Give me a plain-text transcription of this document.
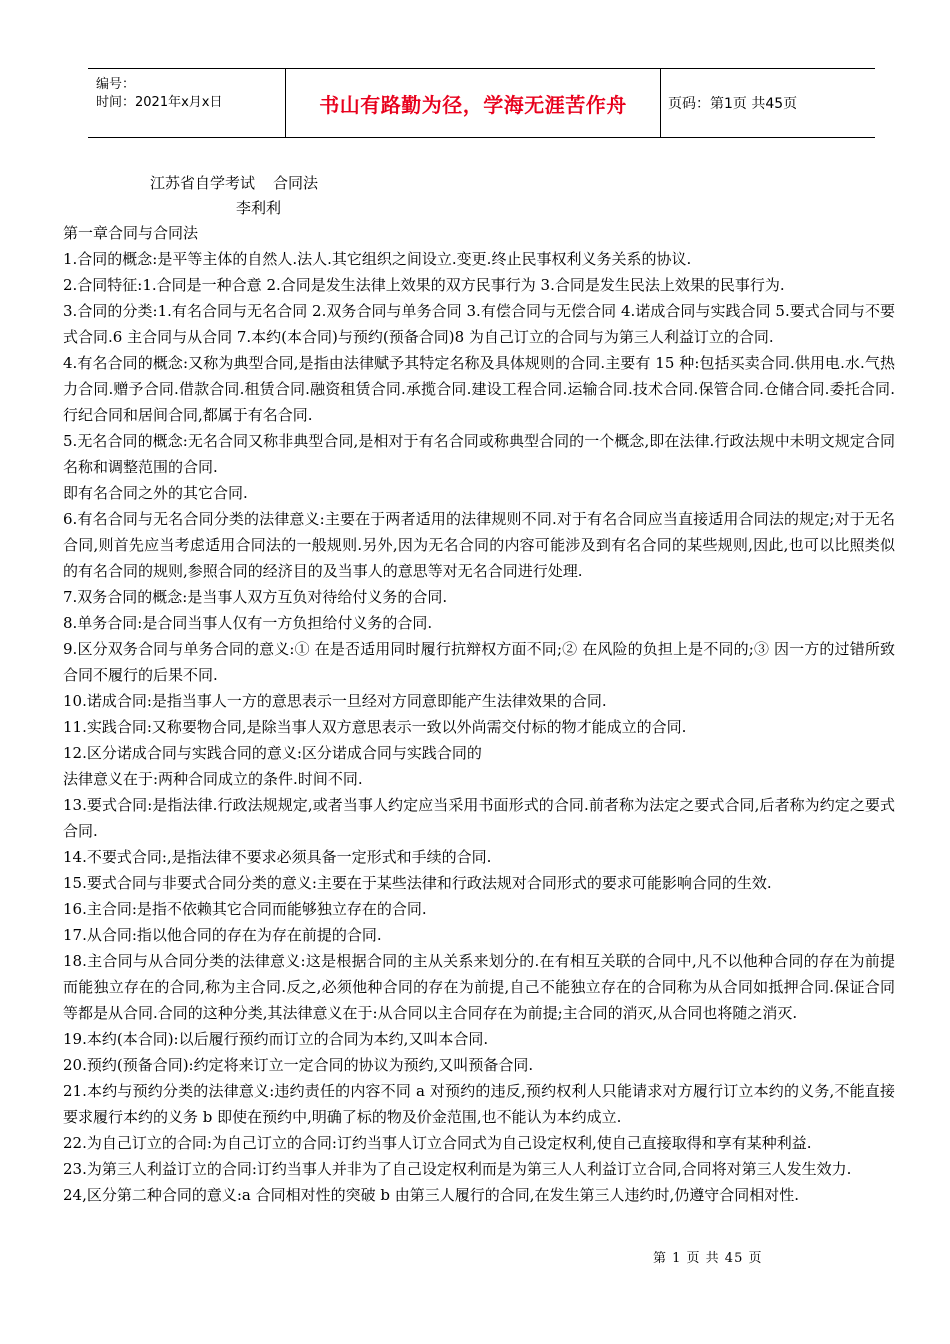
编号：
时间：2021年x月x日	书山有路勤为径，学海无涯苦作舟	页码：第1页 共45页
江苏省自学考试 合同法
李利利

第一章合同与合同法

1.合同的概念:是平等主体的自然人.法人.其它组织之间设立.变更.终止民事权利义务关系的协议.

2.合同特征:1.合同是一种合意 2.合同是发生法律上效果的双方民事行为 3.合同是发生民法上效果的民事行为.

3.合同的分类:1.有名合同与无名合同 2.双务合同与单务合同 3.有偿合同与无偿合同 4.诺成合同与实践合同 5.要式合同与不要式合同.6 主合同与从合同 7.本约(本合同)与预约(预备合同)8 为自己订立的合同与为第三人利益订立的合同.

4.有名合同的概念:又称为典型合同,是指由法律赋予其特定名称及具体规则的合同.主要有 15 种:包括买卖合同.供用电.水.气热力合同.赠予合同.借款合同.租赁合同.融资租赁合同.承揽合同.建设工程合同.运输合同.技术合同.保管合同.仓储合同.委托合同.行纪合同和居间合同,都属于有名合同.

5.无名合同的概念:无名合同又称非典型合同,是相对于有名合同或称典型合同的一个概念,即在法律.行政法规中未明文规定合同名称和调整范围的合同.

即有名合同之外的其它合同.

6.有名合同与无名合同分类的法律意义:主要在于两者适用的法律规则不同.对于有名合同应当直接适用合同法的规定;对于无名合同,则首先应当考虑适用合同法的一般规则.另外,因为无名合同的内容可能涉及到有名合同的某些规则,因此,也可以比照类似的有名合同的规则,参照合同的经济目的及当事人的意思等对无名合同进行处理.

7.双务合同的概念:是当事人双方互负对待给付义务的合同.

8.单务合同:是合同当事人仅有一方负担给付义务的合同.

9.区分双务合同与单务合同的意义:① 在是否适用同时履行抗辩权方面不同;② 在风险的负担上是不同的;③ 因一方的过错所致合同不履行的后果不同.

10.诺成合同:是指当事人一方的意思表示一旦经对方同意即能产生法律效果的合同.

11.实践合同:又称要物合同,是除当事人双方意思表示一致以外尚需交付标的物才能成立的合同.

12.区分诺成合同与实践合同的意义:区分诺成合同与实践合同的

法律意义在于:两种合同成立的条件.时间不同.

13.要式合同:是指法律.行政法规规定,或者当事人约定应当采用书面形式的合同.前者称为法定之要式合同,后者称为约定之要式合同.

14.不要式合同:,是指法律不要求必须具备一定形式和手续的合同.

15.要式合同与非要式合同分类的意义:主要在于某些法律和行政法规对合同形式的要求可能影响合同的生效.

16.主合同:是指不依赖其它合同而能够独立存在的合同.

17.从合同:指以他合同的存在为存在前提的合同.

18.主合同与从合同分类的法律意义:这是根据合同的主从关系来划分的.在有相互关联的合同中,凡不以他种合同的存在为前提而能独立存在的合同,称为主合同.反之,必须他种合同的存在为前提,自己不能独立存在的合同称为从合同如抵押合同.保证合同等都是从合同.合同的这种分类,其法律意义在于:从合同以主合同存在为前提;主合同的消灭,从合同也将随之消灭.

19.本约(本合同):以后履行预约而订立的合同为本约,又叫本合同.

20.预约(预备合同):约定将来订立一定合同的协议为预约,又叫预备合同.

21.本约与预约分类的法律意义:违约责任的内容不同 a 对预约的违反,预约权利人只能请求对方履行订立本约的义务,不能直接要求履行本约的义务 b 即使在预约中,明确了标的物及价金范围,也不能认为本约成立.

22.为自己订立的合同:为自己订立的合同:订约当事人订立合同式为自己设定权利,使自己直接取得和享有某种利益.

23.为第三人利益订立的合同:订约当事人并非为了自己设定权利而是为第三人人利益订立合同,合同将对第三人发生效力.

24,区分第二种合同的意义:a 合同相对性的突破 b 由第三人履行的合同,在发生第三人违约时,仍遵守合同相对性.

第 1 页 共 45 页
